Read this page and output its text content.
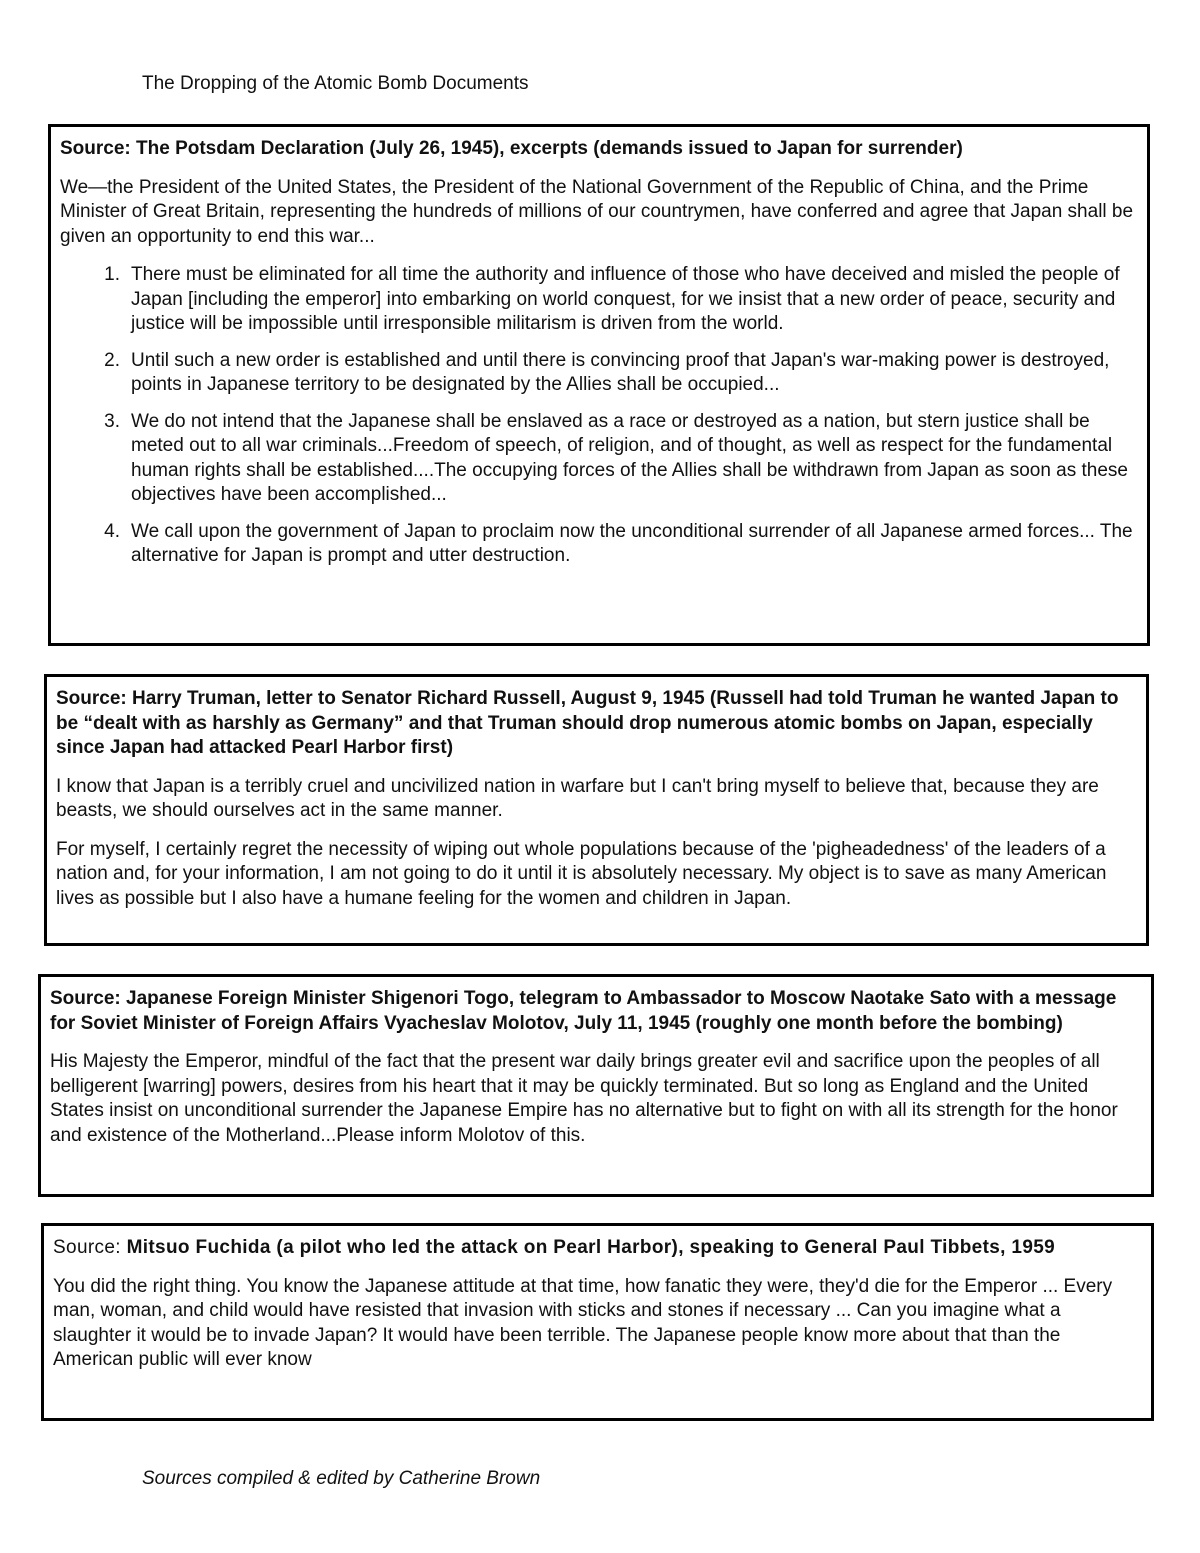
The Dropping of the Atomic Bomb Documents

Source: The Potsdam Declaration (July 26, 1945), excerpts (demands issued to Japan for surrender)

We—the President of the United States, the President of the National Government of the Republic of China, and the Prime Minister of Great Britain, representing the hundreds of millions of our countrymen, have conferred and agree that Japan shall be given an opportunity to end this war...

1. There must be eliminated for all time the authority and influence of those who have deceived and misled the people of Japan [including the emperor] into embarking on world conquest, for we insist that a new order of peace, security and justice will be impossible until irresponsible militarism is driven from the world.
2. Until such a new order is established and until there is convincing proof that Japan's war-making power is destroyed, points in Japanese territory to be designated by the Allies shall be occupied...
3. We do not intend that the Japanese shall be enslaved as a race or destroyed as a nation, but stern justice shall be meted out to all war criminals...Freedom of speech, of religion, and of thought, as well as respect for the fundamental human rights shall be established....The occupying forces of the Allies shall be withdrawn from Japan as soon as these objectives have been accomplished...
4. We call upon the government of Japan to proclaim now the unconditional surrender of all Japanese armed forces... The alternative for Japan is prompt and utter destruction.

Source: Harry Truman, letter to Senator Richard Russell, August 9, 1945 (Russell had told Truman he wanted Japan to be “dealt with as harshly as Germany” and that Truman should drop numerous atomic bombs on Japan, especially since Japan had attacked Pearl Harbor first)

I know that Japan is a terribly cruel and uncivilized nation in warfare but I can't bring myself to believe that, because they are beasts, we should ourselves act in the same manner.

For myself, I certainly regret the necessity of wiping out whole populations because of the 'pigheadedness' of the leaders of a nation and, for your information, I am not going to do it until it is absolutely necessary. My object is to save as many American lives as possible but I also have a humane feeling for the women and children in Japan.

Source: Japanese Foreign Minister Shigenori Togo, telegram to Ambassador to Moscow Naotake Sato with a message for Soviet Minister of Foreign Affairs Vyacheslav Molotov, July 11, 1945 (roughly one month before the bombing)

His Majesty the Emperor, mindful of the fact that the present war daily brings greater evil and sacrifice upon the peoples of all belligerent [warring] powers, desires from his heart that it may be quickly terminated. But so long as England and the United States insist on unconditional surrender the Japanese Empire has no alternative but to fight on with all its strength for the honor and existence of the Motherland...Please inform Molotov of this.

Source: Mitsuo Fuchida (a pilot who led the attack on Pearl Harbor), speaking to General Paul Tibbets, 1959

You did the right thing. You know the Japanese attitude at that time, how fanatic they were, they'd die for the Emperor ... Every man, woman, and child would have resisted that invasion with sticks and stones if necessary ... Can you imagine what a slaughter it would be to invade Japan? It would have been terrible. The Japanese people know more about that than the American public will ever know

Sources compiled & edited by Catherine Brown
